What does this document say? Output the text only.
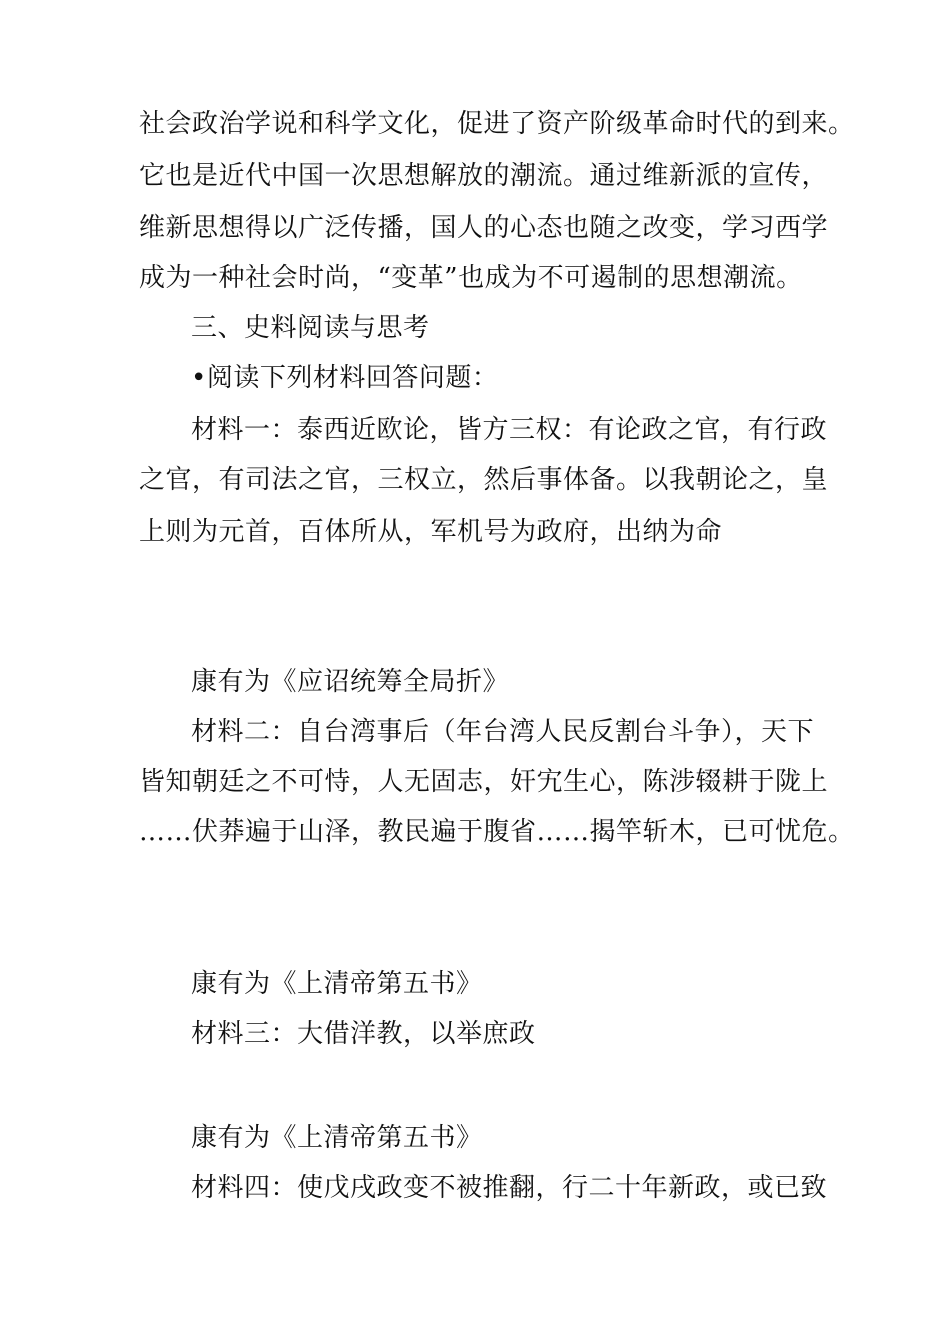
社会政治学说和科学文化，促进了资产阶级革命时代的到来。
它也是近代中国一次思想解放的潮流。通过维新派的宣传，
维新思想得以广泛传播，国人的心态也随之改变，学习西学
成为一种社会时尚，“变革”也成为不可遏制的思想潮流。
三、史料阅读与思考
•阅读下列材料回答问题：
材料一：泰西近欧论，皆方三权：有论政之官，有行政
之官，有司法之官，三权立，然后事体备。以我朝论之，皇
上则为元首，百体所从，军机号为政府，出纳为命
康有为《应诏统筹全局折》
材料二：自台湾事后（年台湾人民反割台斗争），天下
皆知朝廷之不可恃，人无固志，奸宄生心，陈涉辍耕于陇上
……伏莽遍于山泽，教民遍于腹省……揭竿斩木，已可忧危。
康有为《上清帝第五书》
材料三：大借洋教，以举庶政
康有为《上清帝第五书》
材料四：使戊戌政变不被推翻，行二十年新政，或已致
